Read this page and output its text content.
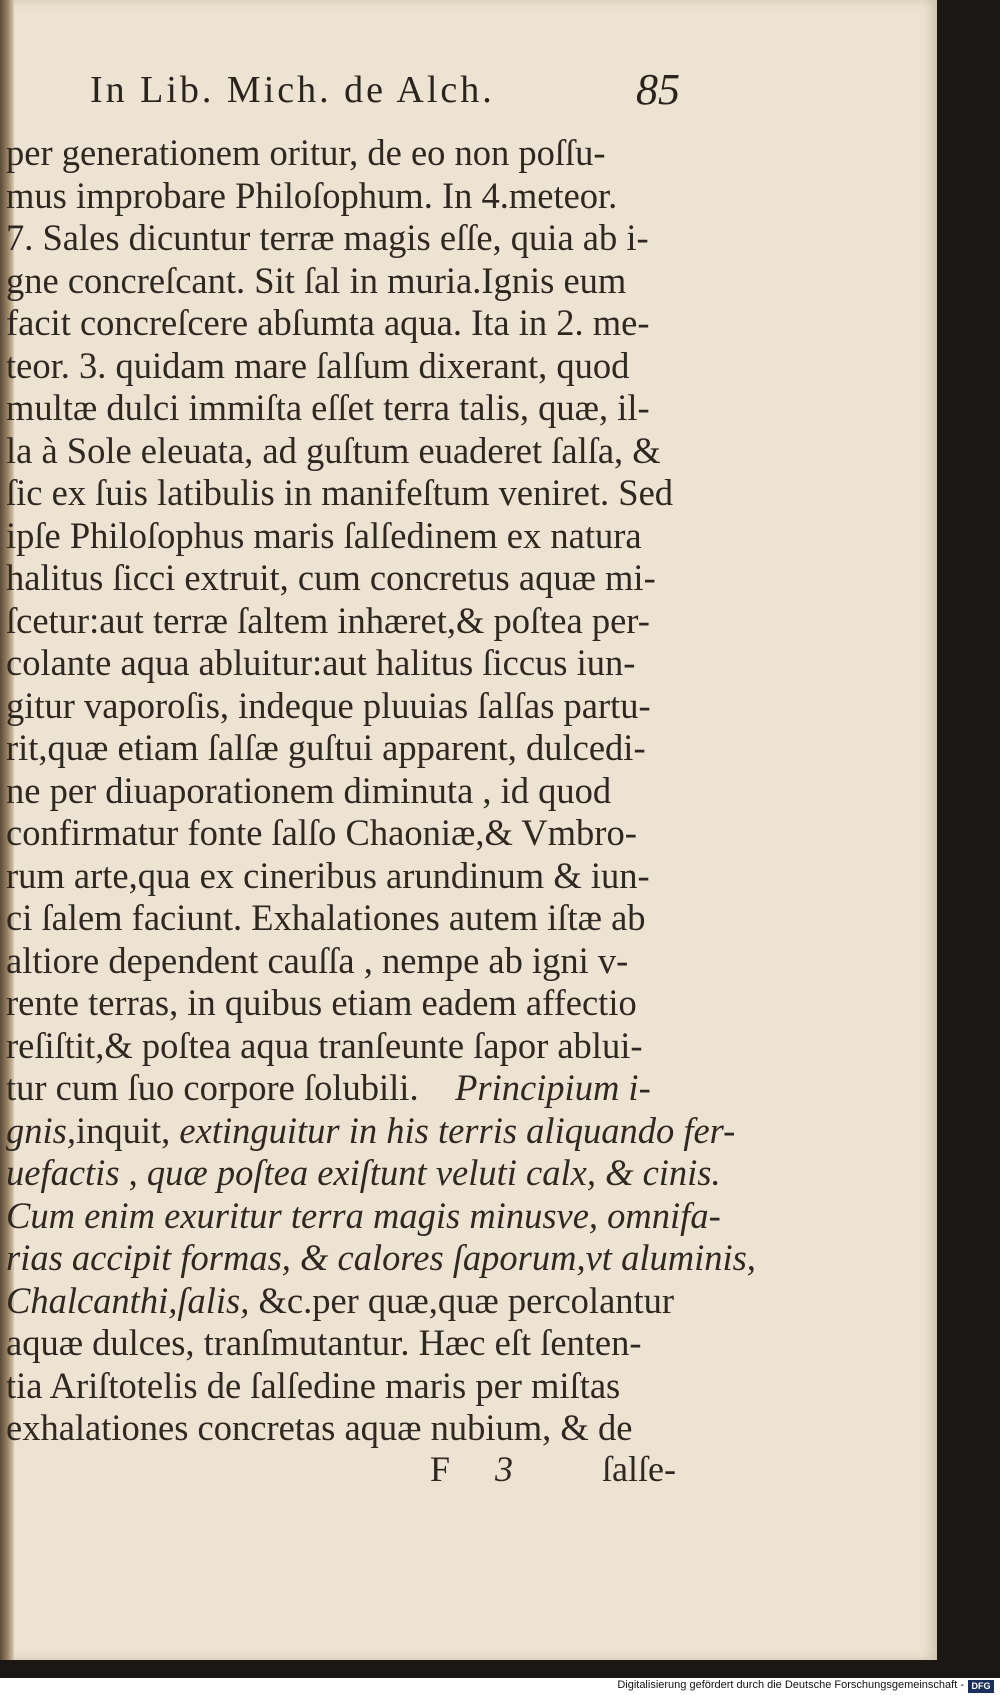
In Lib. Mich. de Alch.	85
per generationem oritur, de eo non poſſu-
mus improbare Philoſophum. In 4.meteor.
7. Sales dicuntur terræ magis eſſe, quia ab i-
gne concreſcant. Sit ſal in muria.Ignis eum
facit concreſcere abſumta aqua. Ita in 2. me-
teor. 3. quidam mare ſalſum dixerant, quod
multæ dulci immiſta eſſet terra talis, quæ, il-
la à Sole eleuata, ad guſtum euaderet ſalſa, &
ſic ex ſuis latibulis in manifeſtum veniret. Sed
ipſe Philoſophus maris ſalſedinem ex natura
halitus ſicci extruit, cum concretus aquæ mi-
ſcetur:aut terræ ſaltem inhæret,& poſtea per-
colante aqua abluitur:aut halitus ſiccus iun-
gitur vaporoſis, indeque pluuias ſalſas partu-
rit,quæ etiam ſalſæ guſtui apparent, dulcedi-
ne per diuaporationem diminuta , id quod
confirmatur fonte ſalſo Chaoniæ,& Vmbro-
rum arte,qua ex cineribus arundinum & iun-
ci ſalem faciunt. Exhalationes autem iſtæ ab
altiore dependent cauſſa , nempe ab igni v-
rente terras, in quibus etiam eadem affectio
reſiſtit,& poſtea aqua tranſeunte ſapor ablui-
tur cum ſuo corpore ſolubili. Principium i-
gnis,inquit, extinguitur in his terris aliquando fer-
uefactis , quæ poſtea exiſtunt veluti calx, & cinis.
Cum enim exuritur terra magis minusve, omnifa-
rias accipit formas, & calores ſaporum,vt aluminis,
Chalcanthi,ſalis, &c.per quæ,quæ percolantur
aquæ dulces, tranſmutantur. Hæc eſt ſenten-
tia Ariſtotelis de ſalſedine maris per miſtas
exhalationes concretas aquæ nubium, & de
F 3 ſalſe-
Digitalisierung gefördert durch die Deutsche Forschungsgemeinschaft - DFG
